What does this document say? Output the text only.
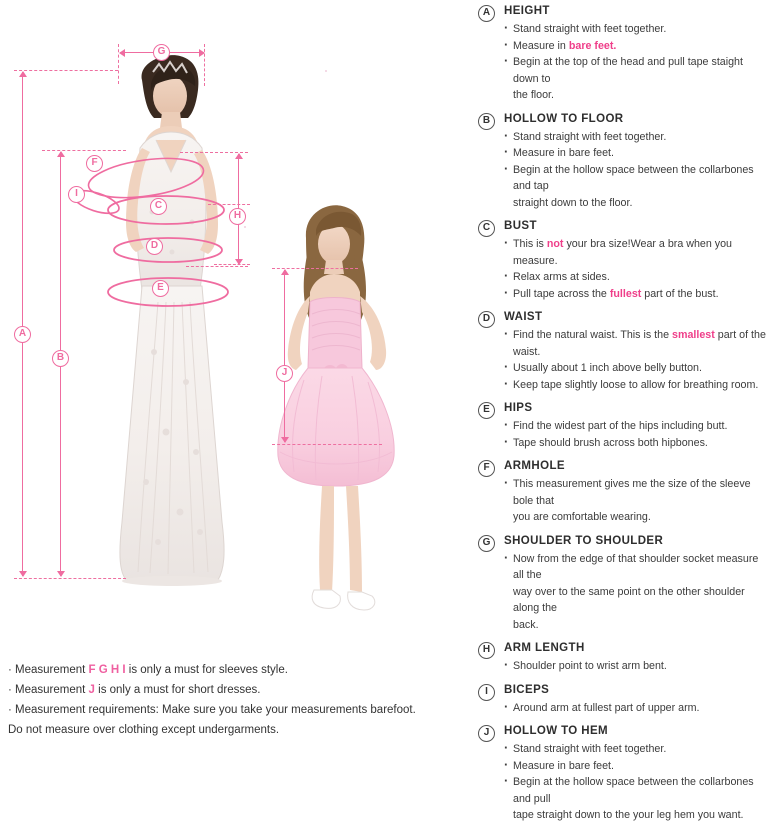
A
B
G
H
F
I
C
D
E
J
· Measurement F G H I is only a must for sleeves style.
· Measurement J is only a must for short dresses.
· Measurement requirements: Make sure you take your measurements barefoot.
Do not measure over clothing except undergarments.
A	HEIGHT
· Stand straight with feet together.
· Measure in bare feet.
· Begin at the top of the head and pull tape staight down to
the floor.
B	HOLLOW TO FLOOR
· Stand straight with feet together.
· Measure in bare feet.
· Begin at the hollow space between the collarbones and tap
straight down to the floor.
C	BUST
· This is not your bra size!Wear a bra when you measure.
· Relax arms at sides.
· Pull tape across the fullest part of the bust.
D	WAIST
· Find the natural waist. This is the smallest part of the waist.
· Usually about 1 inch above belly button.
· Keep tape slightly loose to allow for breathing room.
E	HIPS
· Find the widest part of the hips including butt.
· Tape should brush across both hipbones.
F	ARMHOLE
· This measurement gives me the size of the sleeve bole that
you are comfortable wearing.
G	SHOULDER TO SHOULDER
· Now from the edge of that shoulder socket measure all the
way over to the same point on the other shoulder along the
back.
H	ARM LENGTH
· Shoulder point to wrist arm bent.
I	BICEPS
· Around arm at fullest part of upper arm.
J	HOLLOW TO HEM
· Stand straight with feet together.
· Measure in bare feet.
· Begin at the hollow space between the collarbones and pull
tape straight down to the your leg hem you want.
